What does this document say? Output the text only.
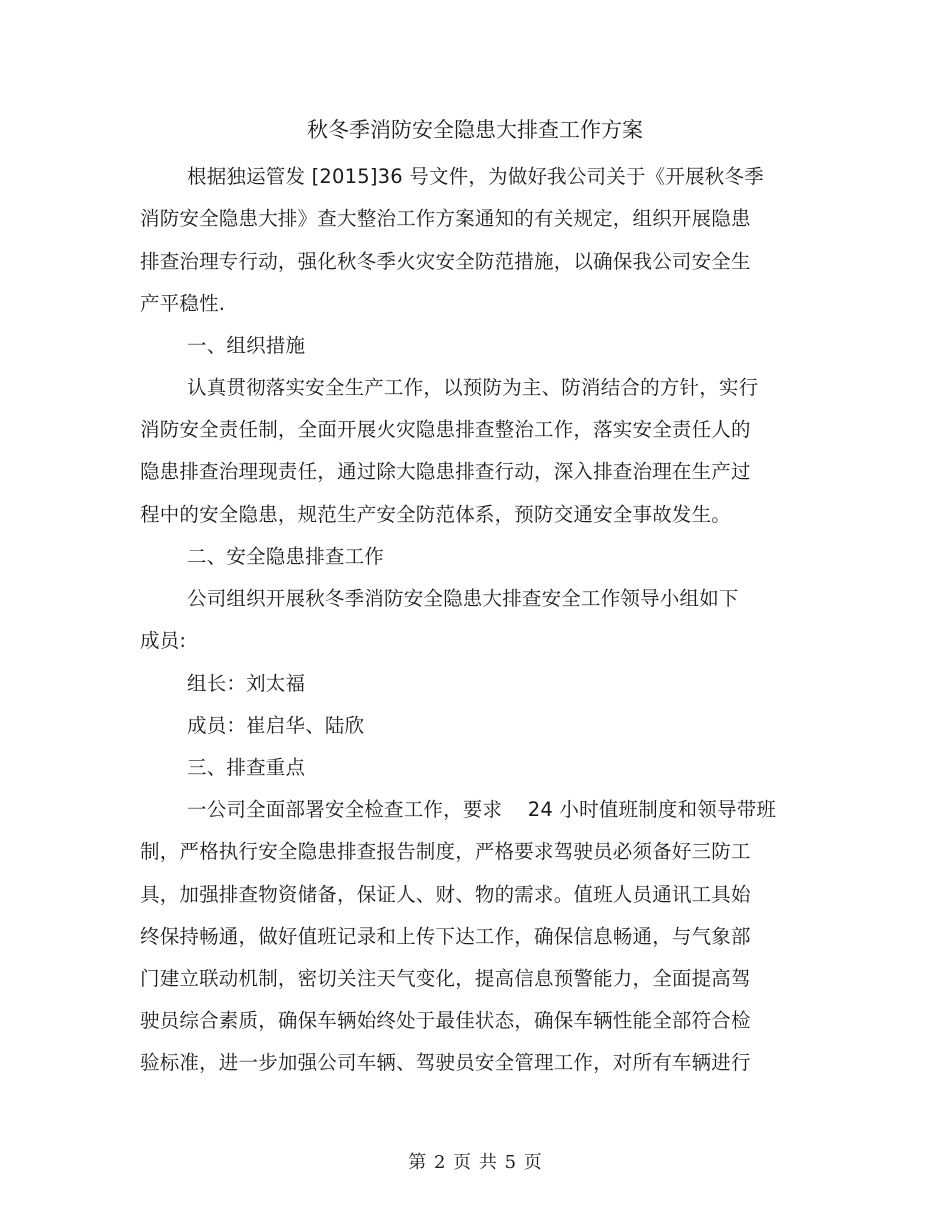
秋冬季消防安全隐患大排查工作方案
根据独运管发 [2015]36 号文件，为做好我公司关于《开展秋冬季
消防安全隐患大排》查大整治工作方案通知的有关规定，组织开展隐患
排查治理专行动，强化秋冬季火灾安全防范措施，以确保我公司安全生
产平稳性.
一、组织措施
认真贯彻落实安全生产工作，以预防为主、防消结合的方针，实行
消防安全责任制，全面开展火灾隐患排查整治工作，落实安全责任人的
隐患排查治理现责任，通过除大隐患排查行动，深入排查治理在生产过
程中的安全隐患，规范生产安全防范体系，预防交通安全事故发生。
二、安全隐患排查工作
公司组织开展秋冬季消防安全隐患大排查安全工作领导小组如下
成员:
组长：刘太福
成员：崔启华、陆欣
三、排查重点
一公司全面部署安全检查工作，要求    24 小时值班制度和领导带班
制，严格执行安全隐患排查报告制度，严格要求驾驶员必须备好三防工
具，加强排查物资储备，保证人、财、物的需求。值班人员通讯工具始
终保持畅通，做好值班记录和上传下达工作，确保信息畅通，与气象部
门建立联动机制，密切关注天气变化，提高信息预警能力，全面提高驾
驶员综合素质，确保车辆始终处于最佳状态，确保车辆性能全部符合检
验标准，进一步加强公司车辆、驾驶员安全管理工作，对所有车辆进行
第 2 页 共 5 页
